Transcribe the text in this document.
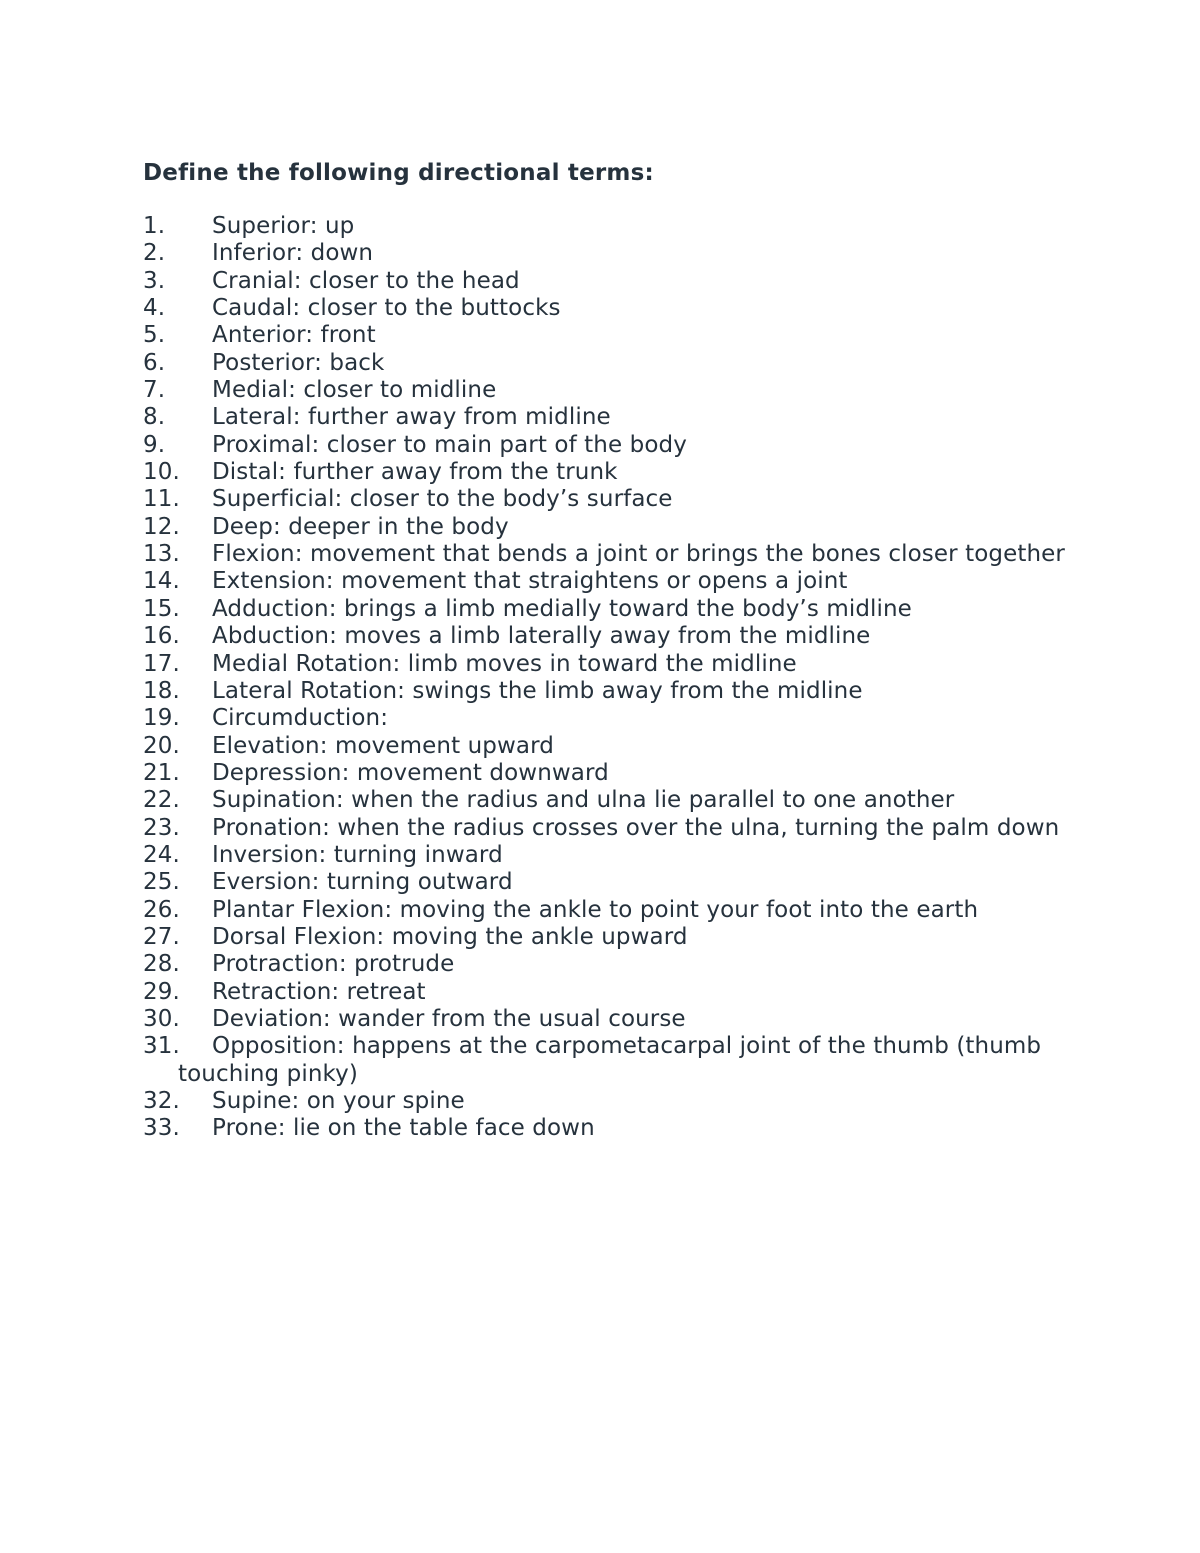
Define the following directional terms:
1. Superior: up
2. Inferior: down
3. Cranial: closer to the head
4. Caudal: closer to the buttocks
5. Anterior: front
6. Posterior: back
7. Medial: closer to midline
8. Lateral: further away from midline
9. Proximal: closer to main part of the body
10. Distal: further away from the trunk
11. Superficial: closer to the body’s surface
12. Deep: deeper in the body
13. Flexion: movement that bends a joint or brings the bones closer together
14. Extension: movement that straightens or opens a joint
15. Adduction: brings a limb medially toward the body’s midline
16. Abduction: moves a limb laterally away from the midline
17. Medial Rotation: limb moves in toward the midline
18. Lateral Rotation: swings the limb away from the midline
19. Circumduction:
20. Elevation: movement upward
21. Depression: movement downward
22. Supination: when the radius and ulna lie parallel to one another
23. Pronation: when the radius crosses over the ulna, turning the palm down
24. Inversion: turning inward
25. Eversion: turning outward
26. Plantar Flexion: moving the ankle to point your foot into the earth
27. Dorsal Flexion: moving the ankle upward
28. Protraction: protrude
29. Retraction: retreat
30. Deviation: wander from the usual course
31. Opposition: happens at the carpometacarpal joint of the thumb (thumb touching pinky)
32. Supine: on your spine
33. Prone: lie on the table face down
